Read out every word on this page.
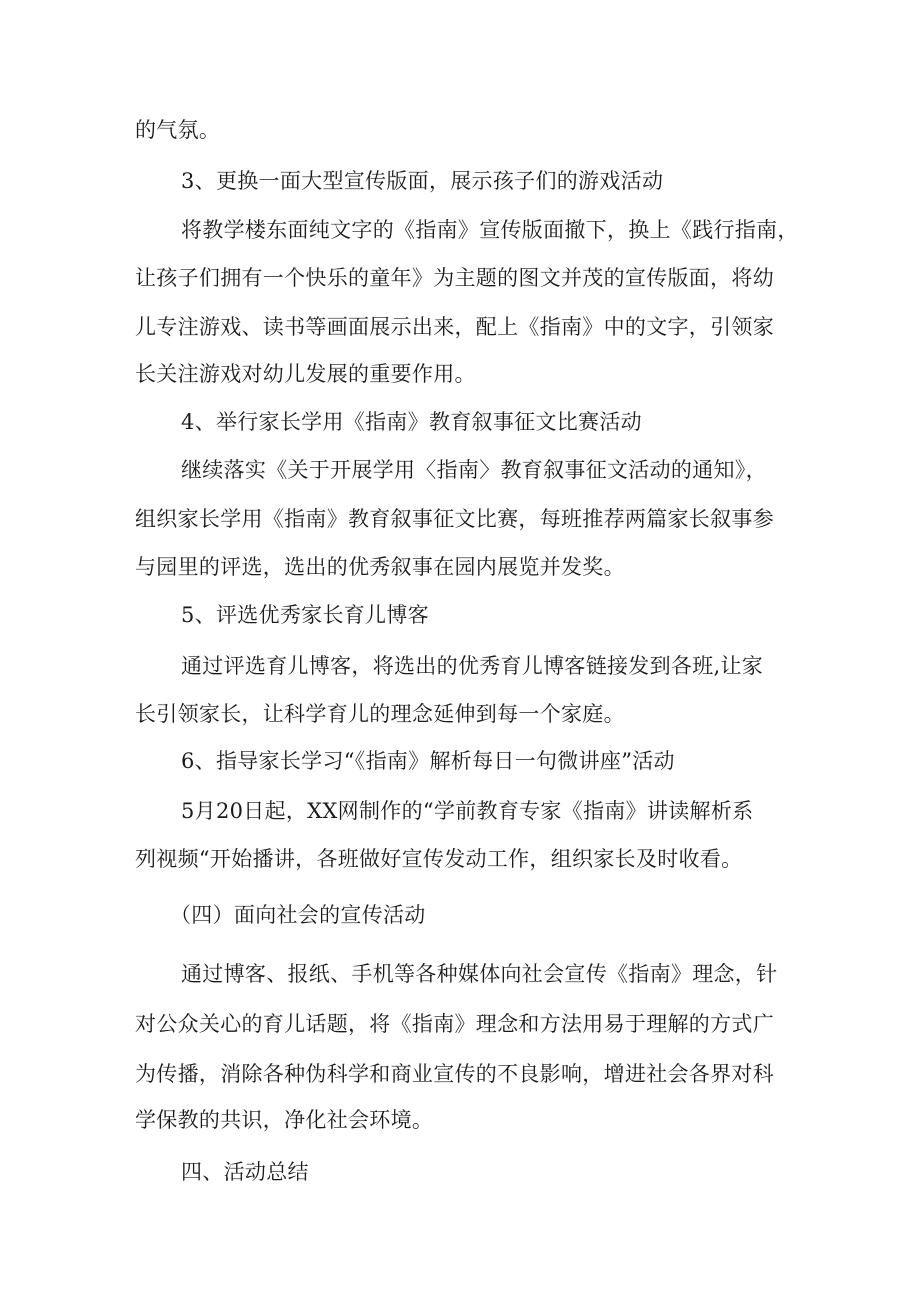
的气氛。
3、更换一面大型宣传版面，展示孩子们的游戏活动
将教学楼东面纯文字的《指南》宣传版面撤下，换上《践行指南，
让孩子们拥有一个快乐的童年》为主题的图文并茂的宣传版面，将幼
儿专注游戏、读书等画面展示出来，配上《指南》中的文字，引领家
长关注游戏对幼儿发展的重要作用。
4、举行家长学用《指南》教育叙事征文比赛活动
继续落实《关于开展学用〈指南〉教育叙事征文活动的通知》，
组织家长学用《指南》教育叙事征文比赛，每班推荐两篇家长叙事参
与园里的评选，选出的优秀叙事在园内展览并发奖。
5、评选优秀家长育儿博客
通过评选育儿博客，将选出的优秀育儿博客链接发到各班,让家
长引领家长，让科学育儿的理念延伸到每一个家庭。
6、指导家长学习“《指南》解析每日一句微讲座”活动
5月20日起，XX网制作的“学前教育专家《指南》讲读解析系
列视频“开始播讲，各班做好宣传发动工作，组织家长及时收看。
（四）面向社会的宣传活动
通过博客、报纸、手机等各种媒体向社会宣传《指南》理念，针
对公众关心的育儿话题，将《指南》理念和方法用易于理解的方式广
为传播，消除各种伪科学和商业宣传的不良影响，增进社会各界对科
学保教的共识，净化社会环境。
四、活动总结
